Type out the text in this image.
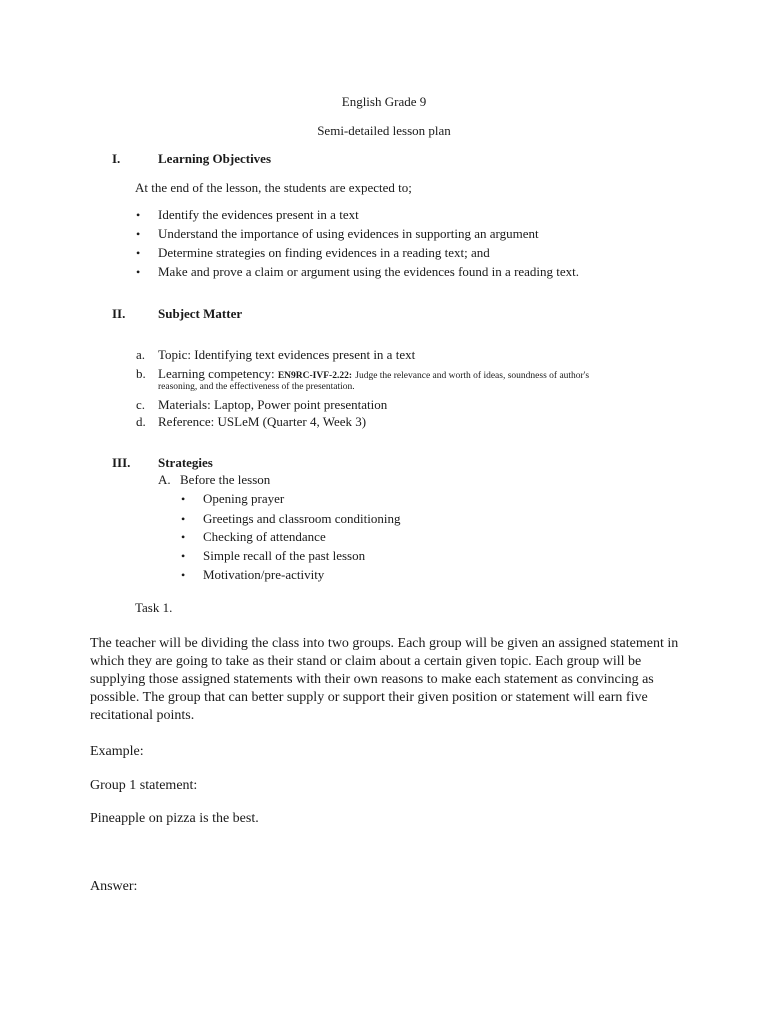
English Grade 9
Semi-detailed lesson plan
I.	Learning Objectives
At the end of the lesson, the students are expected to;
• Identify the evidences present in a text
• Understand the importance of using evidences in supporting an argument
• Determine strategies on finding evidences in a reading text; and
• Make and prove a claim or argument using the evidences found in a reading text.
II.	Subject Matter
a. Topic: Identifying text evidences present in a text
b. Learning competency: EN9RC-IVF-2.22: Judge the relevance and worth of ideas, soundness of author's
reasoning, and the effectiveness of the presentation.
c. Materials: Laptop, Power point presentation
d. Reference: USLeM (Quarter 4, Week 3)
III. Strategies
A. Before the lesson
• Opening prayer
• Greetings and classroom conditioning
• Checking of attendance
• Simple recall of the past lesson
• Motivation/pre-activity
Task 1.
The teacher will be dividing the class into two groups. Each group will be given an assigned statement in which they are going to take as their stand or claim about a certain given topic. Each group will be supplying those assigned statements with their own reasons to make each statement as convincing as possible. The group that can better supply or support their given position or statement will earn five recitational points.
Example:
Group 1 statement:
Pineapple on pizza is the best.
Answer:
